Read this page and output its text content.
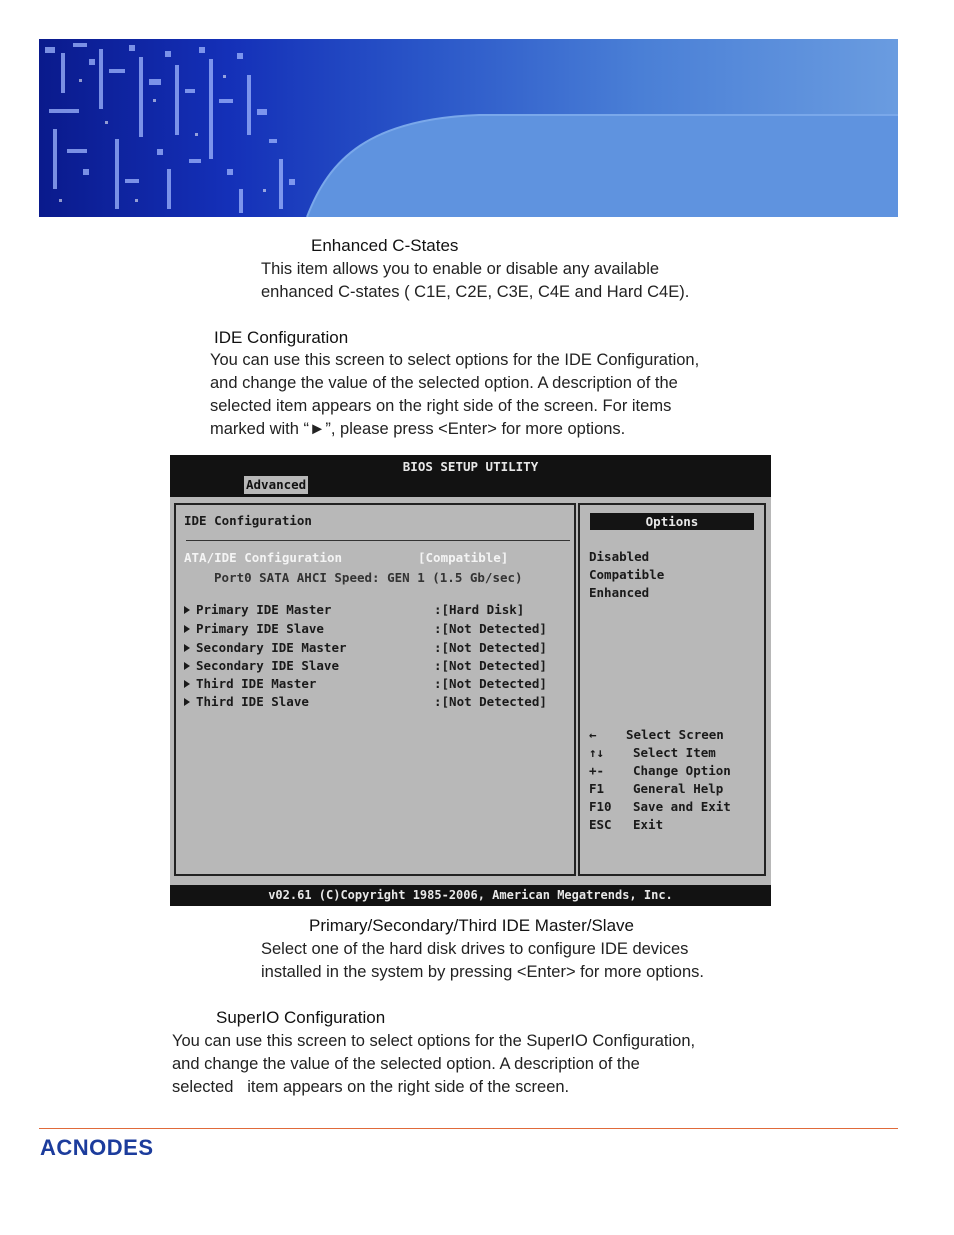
Enhanced C-States
This item allows you to enable or disable any available
enhanced C-states ( C1E, C2E, C3E, C4E and Hard C4E).
IDE Configuration
You can use this screen to select options for the IDE Configuration,
and change the value of the selected option. A description of the
selected item appears on the right side of the screen. For items
marked with “►”, please press <Enter> for more options.
BIOS SETUP UTILITY
Advanced
IDE Configuration
ATA/IDE Configuration	[Compatible]
Port0 SATA AHCI Speed: GEN 1 (1.5 Gb/sec)
Primary IDE Master	:[Hard Disk]
Primary IDE Slave	:[Not Detected]
Secondary IDE Master	:[Not Detected]
Secondary IDE Slave	:[Not Detected]
Third IDE Master	:[Not Detected]
Third IDE Slave	:[Not Detected]
Options
Disabled
Compatible
Enhanced
← Select Screen
↑↓ Select Item
+- Change Option
F1 General Help
F10 Save and Exit
ESC Exit
v02.61 (C)Copyright 1985-2006, American Megatrends, Inc.
Primary/Secondary/Third IDE Master/Slave
Select one of the hard disk drives to configure IDE devices
installed in the system by pressing <Enter> for more options.
SuperIO Configuration
You can use this screen to select options for the SuperIO Configuration,
and change the value of the selected option. A description of the
selected   item appears on the right side of the screen.
ACNODES
